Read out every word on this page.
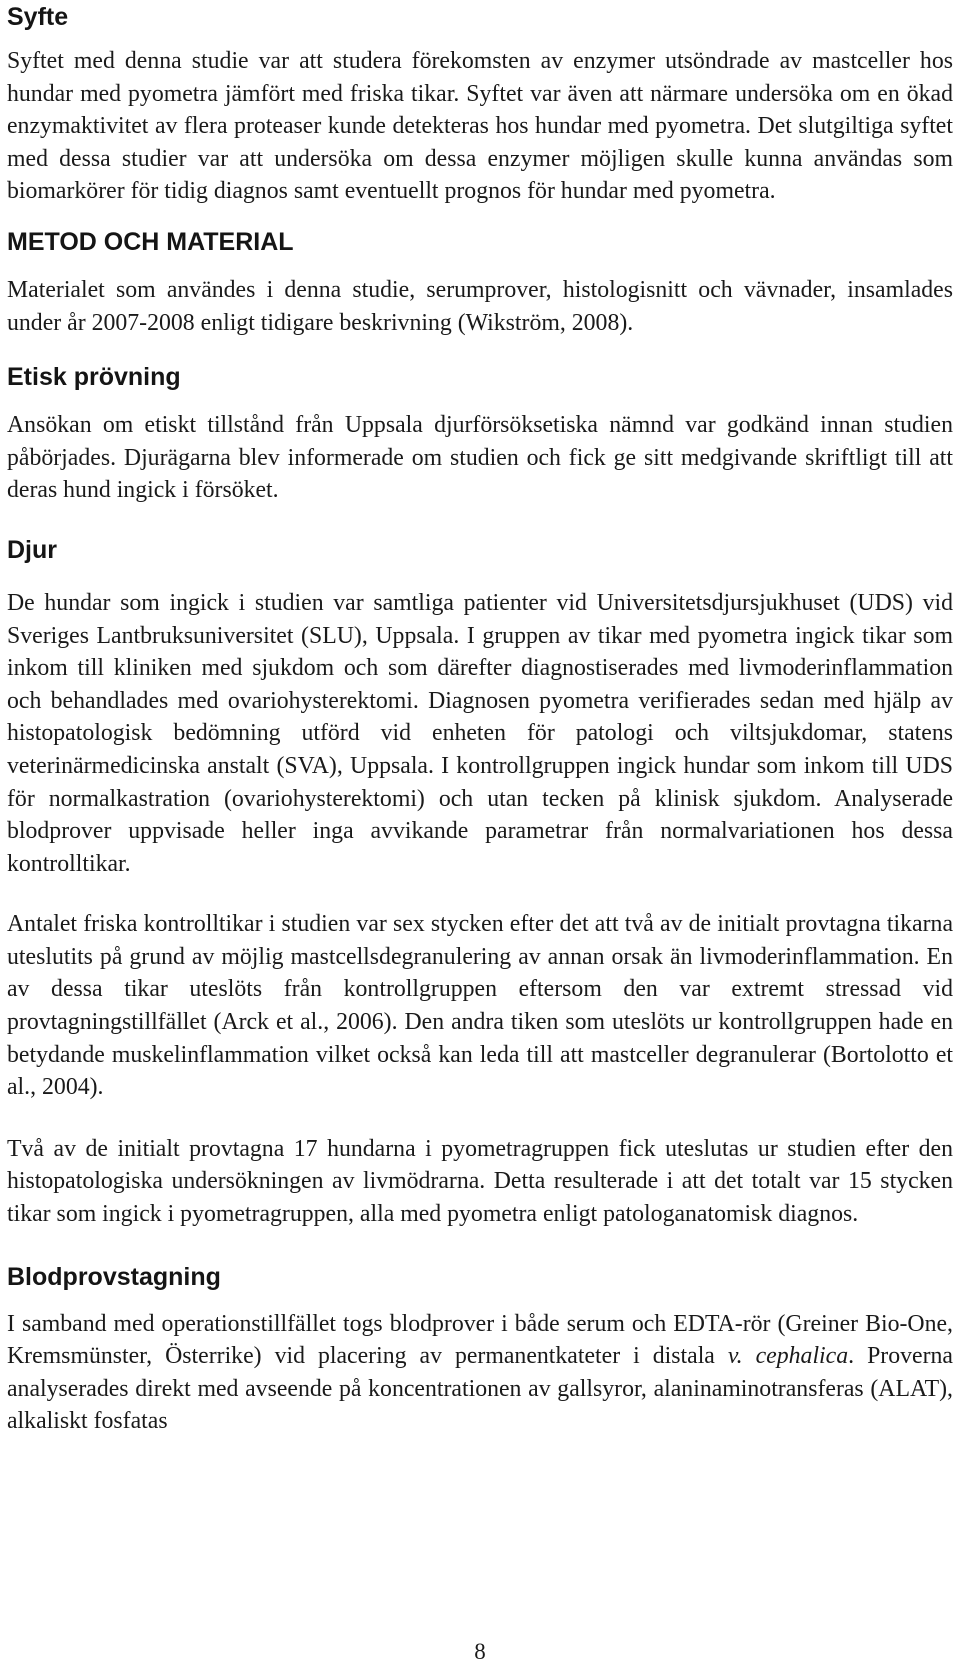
Syfte

Syftet med denna studie var att studera förekomsten av enzymer utsöndrade av mastceller hos hundar med pyometra jämfört med friska tikar. Syftet var även att närmare undersöka om en ökad enzymaktivitet av flera proteaser kunde detekteras hos hundar med pyometra. Det slutgiltiga syftet med dessa studier var att undersöka om dessa enzymer möjligen skulle kunna användas som biomarkörer för tidig diagnos samt eventuellt prognos för hundar med pyometra.

METOD OCH MATERIAL

Materialet som användes i denna studie, serumprover, histologisnitt och vävnader, insamlades under år 2007-2008 enligt tidigare beskrivning (Wikström, 2008).

Etisk prövning

Ansökan om etiskt tillstånd från Uppsala djurförsöksetiska nämnd var godkänd innan studien påbörjades. Djurägarna blev informerade om studien och fick ge sitt medgivande skriftligt till att deras hund ingick i försöket.

Djur

De hundar som ingick i studien var samtliga patienter vid Universitetsdjursjukhuset (UDS) vid Sveriges Lantbruksuniversitet (SLU), Uppsala. I gruppen av tikar med pyometra ingick tikar som inkom till kliniken med sjukdom och som därefter diagnostiserades med livmoderinflammation och behandlades med ovariohysterektomi. Diagnosen pyometra verifierades sedan med hjälp av histopatologisk bedömning utförd vid enheten för patologi och viltsjukdomar, statens veterinärmedicinska anstalt (SVA), Uppsala. I kontrollgruppen ingick hundar som inkom till UDS för normalkastration (ovariohysterektomi) och utan tecken på klinisk sjukdom. Analyserade blodprover uppvisade heller inga avvikande parametrar från normalvariationen hos dessa kontrolltikar.

Antalet friska kontrolltikar i studien var sex stycken efter det att två av de initialt provtagna tikarna uteslutits på grund av möjlig mastcellsdegranulering av annan orsak än livmoderinflammation. En av dessa tikar uteslöts från kontrollgruppen eftersom den var extremt stressad vid provtagningstillfället (Arck et al., 2006). Den andra tiken som uteslöts ur kontrollgruppen hade en betydande muskelinflammation vilket också kan leda till att mastceller degranulerar (Bortolotto et al., 2004).

Två av de initialt provtagna 17 hundarna i pyometragruppen fick uteslutas ur studien efter den histopatologiska undersökningen av livmödrarna. Detta resulterade i att det totalt var 15 stycken tikar som ingick i pyometragruppen, alla med pyometra enligt patologanatomisk diagnos.

Blodprovstagning

I samband med operationstillfället togs blodprover i både serum och EDTA-rör (Greiner Bio-One, Kremsmünster, Österrike) vid placering av permanentkateter i distala v. cephalica. Proverna analyserades direkt med avseende på koncentrationen av gallsyror, alaninaminotransferas (ALAT), alkaliskt fosfatas

8
